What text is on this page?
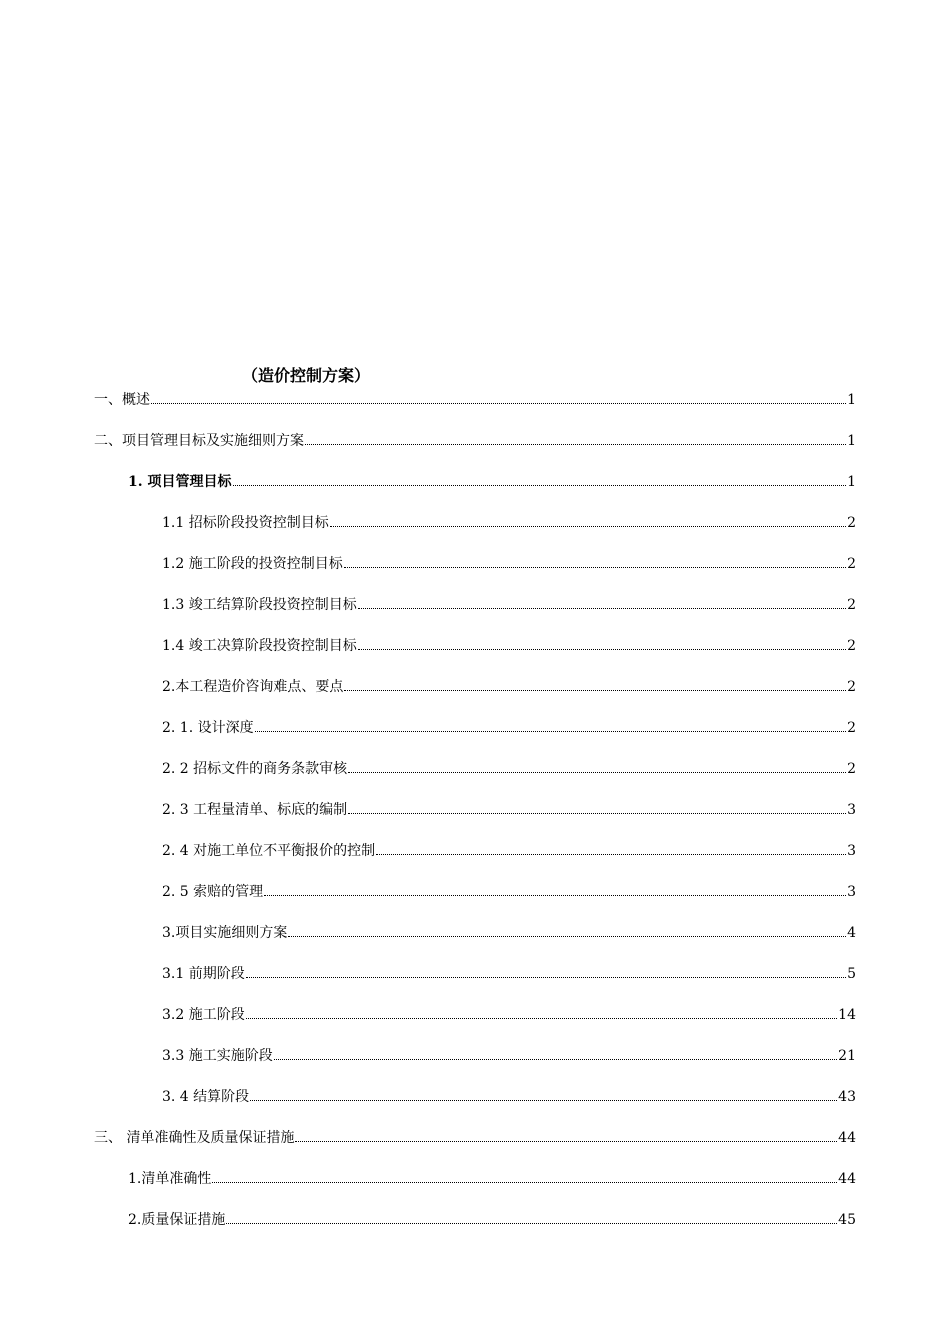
（造价控制方案）
一、概述	1
二、项目管理目标及实施细则方案	1
1. 项目管理目标	1
1.1 招标阶段投资控制目标	2
1.2 施工阶段的投资控制目标	2
1.3 竣工结算阶段投资控制目标	2
1.4 竣工决算阶段投资控制目标	2
2.本工程造价咨询难点、要点	2
2. 1. 设计深度	2
2. 2 招标文件的商务条款审核	2
2. 3 工程量清单、标底的编制	3
2. 4 对施工单位不平衡报价的控制	3
2. 5 索赔的管理	3
3.项目实施细则方案	4
3.1 前期阶段	5
3.2 施工阶段	14
3.3 施工实施阶段	21
3. 4 结算阶段	43
三、 清单准确性及质量保证措施	44
1.清单准确性	44
2.质量保证措施	45
